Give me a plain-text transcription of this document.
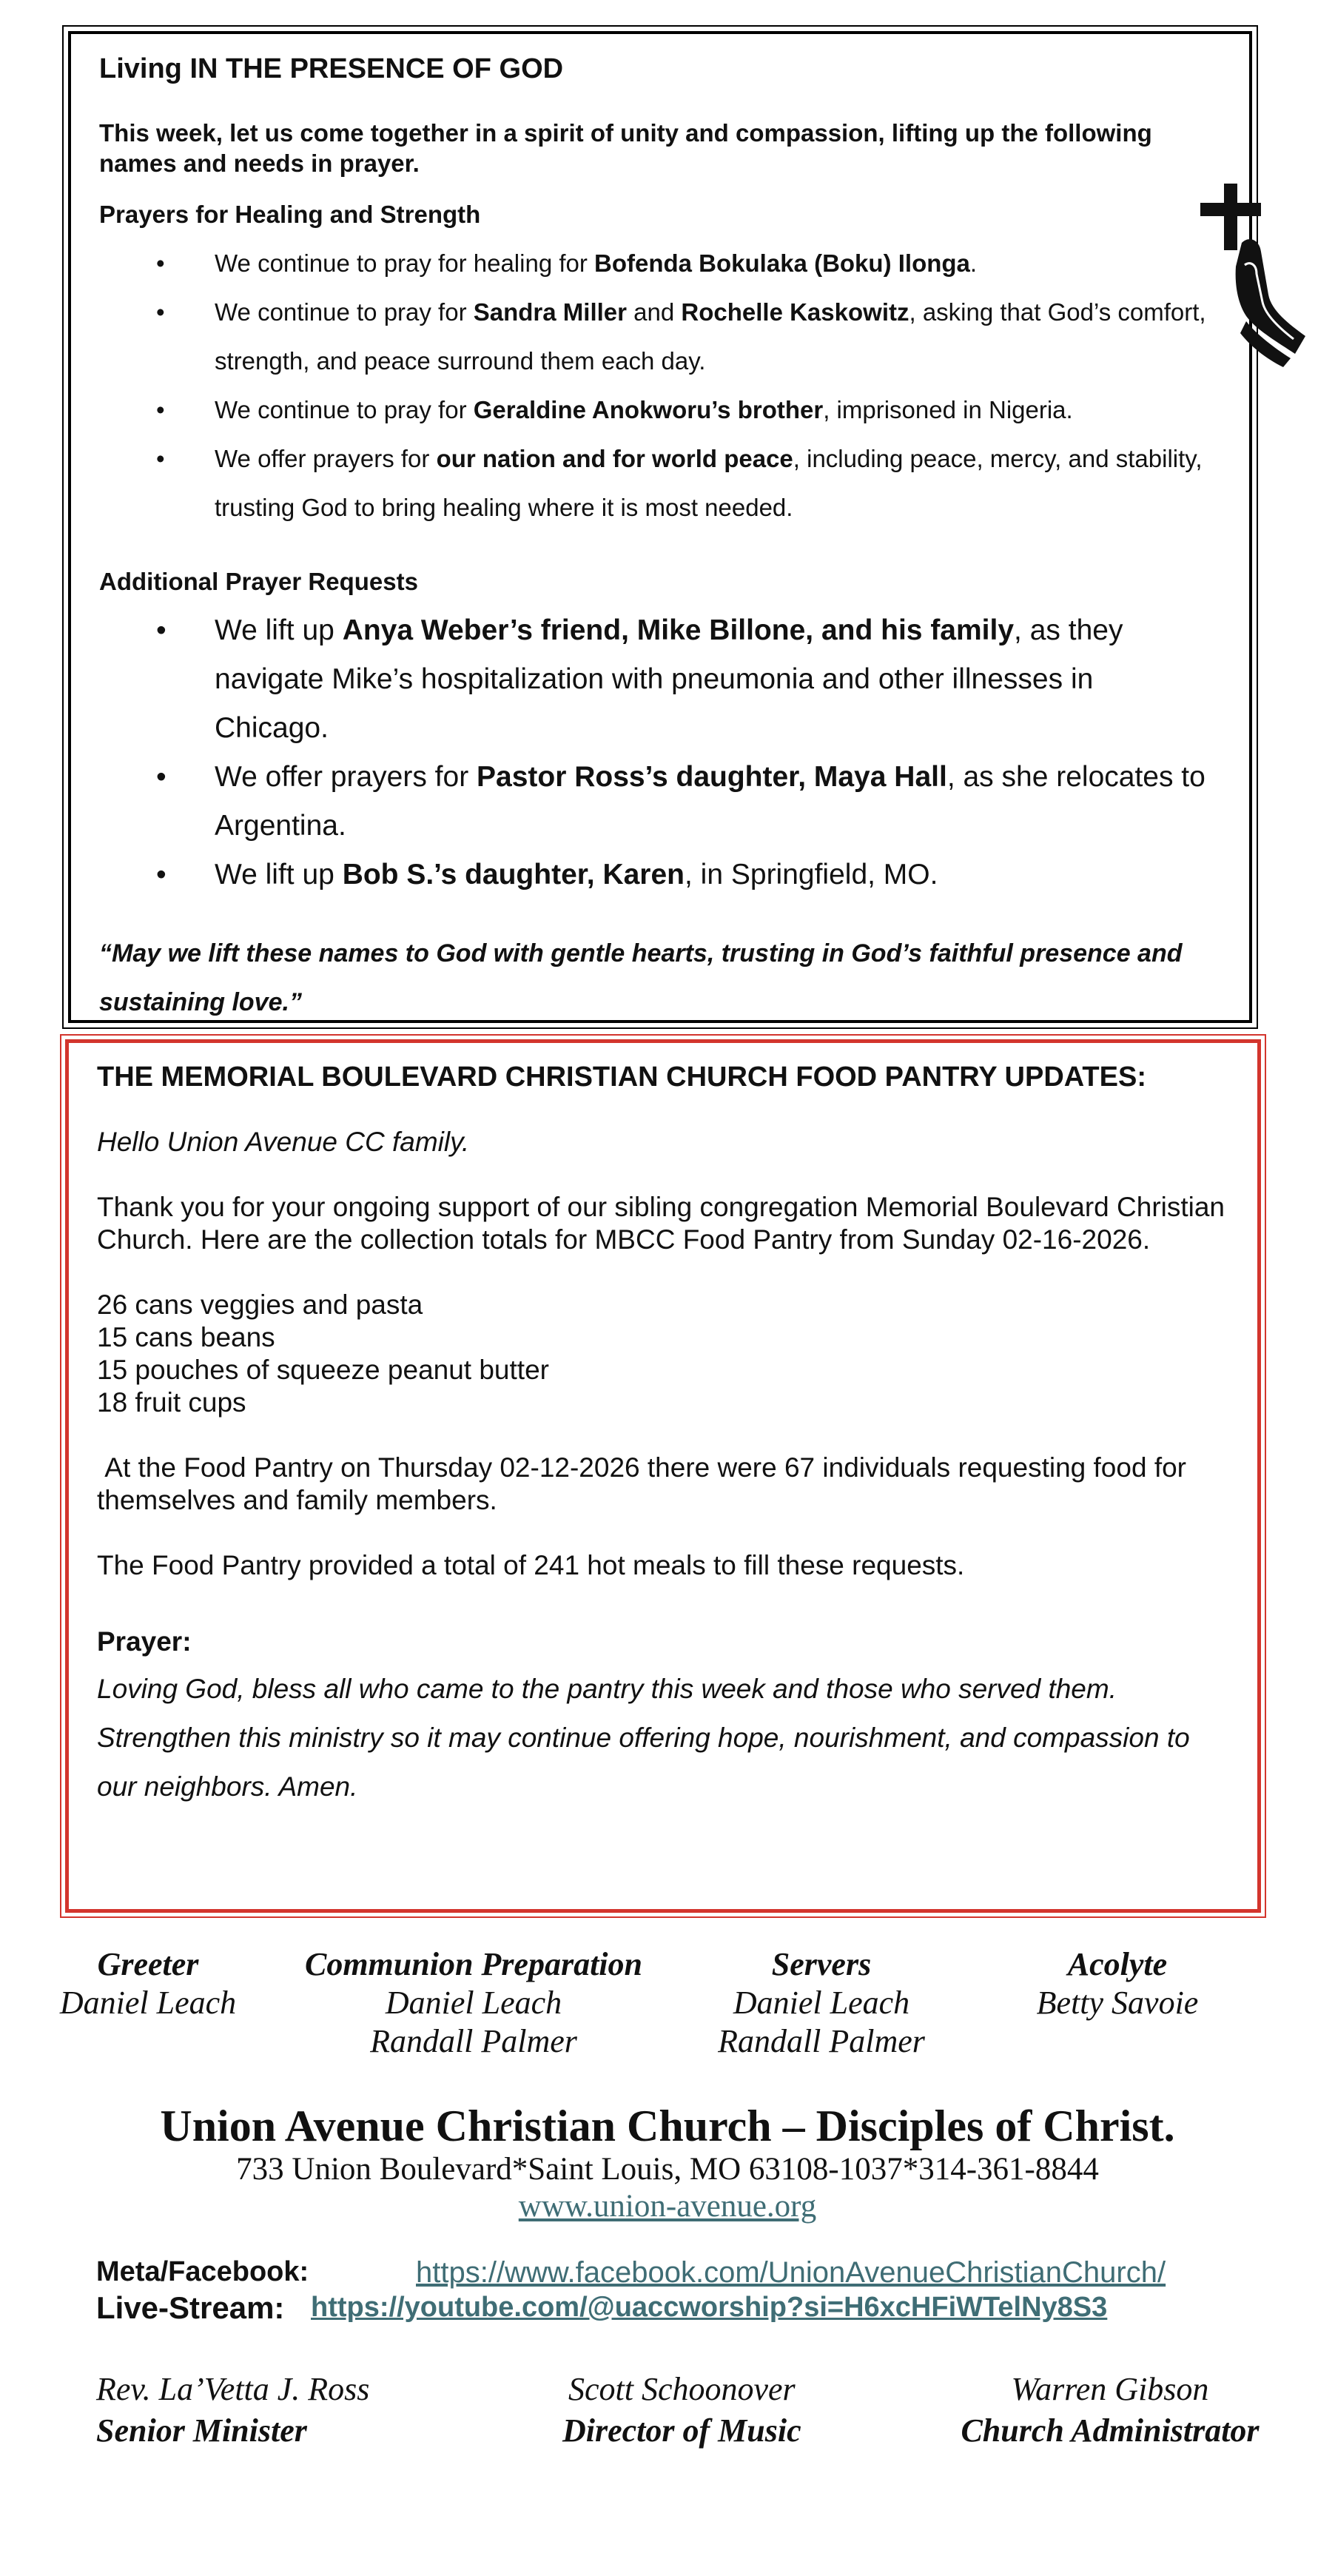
Living IN THE PRESENCE OF GOD
This week, let us come together in a spirit of unity and compassion, lifting up the following names and needs in prayer.
Prayers for Healing and Strength
• We continue to pray for healing for Bofenda Bokulaka (Boku) Ilonga.
• We continue to pray for Sandra Miller and Rochelle Kaskowitz, asking that God’s comfort, strength, and peace surround them each day.
• We continue to pray for Geraldine Anokworu’s brother, imprisoned in Nigeria.
• We offer prayers for our nation and for world peace, including peace, mercy, and stability, trusting God to bring healing where it is most needed.
Additional Prayer Requests
• We lift up Anya Weber’s friend, Mike Billone, and his family, as they navigate Mike’s hospitalization with pneumonia and other illnesses in Chicago.
• We offer prayers for Pastor Ross’s daughter, Maya Hall, as she relocates to Argentina.
• We lift up Bob S.’s daughter, Karen, in Springfield, MO.
“May we lift these names to God with gentle hearts, trusting in God’s faithful presence and sustaining love.”
THE MEMORIAL BOULEVARD CHRISTIAN CHURCH FOOD PANTRY UPDATES:
Hello Union Avenue CC family.
Thank you for your ongoing support of our sibling congregation Memorial Boulevard Christian Church. Here are the collection totals for MBCC Food Pantry from Sunday 02-16-2026.
26 cans veggies and pasta
15 cans beans
15 pouches of squeeze peanut butter
18 fruit cups
At the Food Pantry on Thursday 02-12-2026 there were 67 individuals requesting food for themselves and family members.
The Food Pantry provided a total of 241 hot meals to fill these requests.
Prayer:
Loving God, bless all who came to the pantry this week and those who served them. Strengthen this ministry so it may continue offering hope, nourishment, and compassion to our neighbors. Amen.
Greeter
Daniel Leach
Communion Preparation
Daniel Leach
Randall Palmer
Servers
Daniel Leach
Randall Palmer
Acolyte
Betty Savoie
Union Avenue Christian Church – Disciples of Christ.
733 Union Boulevard*Saint Louis, MO 63108-1037*314-361-8844
www.union-avenue.org
Meta/Facebook:	https://www.facebook.com/UnionAvenueChristianChurch/
Live-Stream: https://youtube.com/@uaccworship?si=H6xcHFiWTelNy8S3
Rev. La’Vetta J. Ross
Senior Minister
Scott Schoonover
Director of Music
Warren Gibson
Church Administrator
